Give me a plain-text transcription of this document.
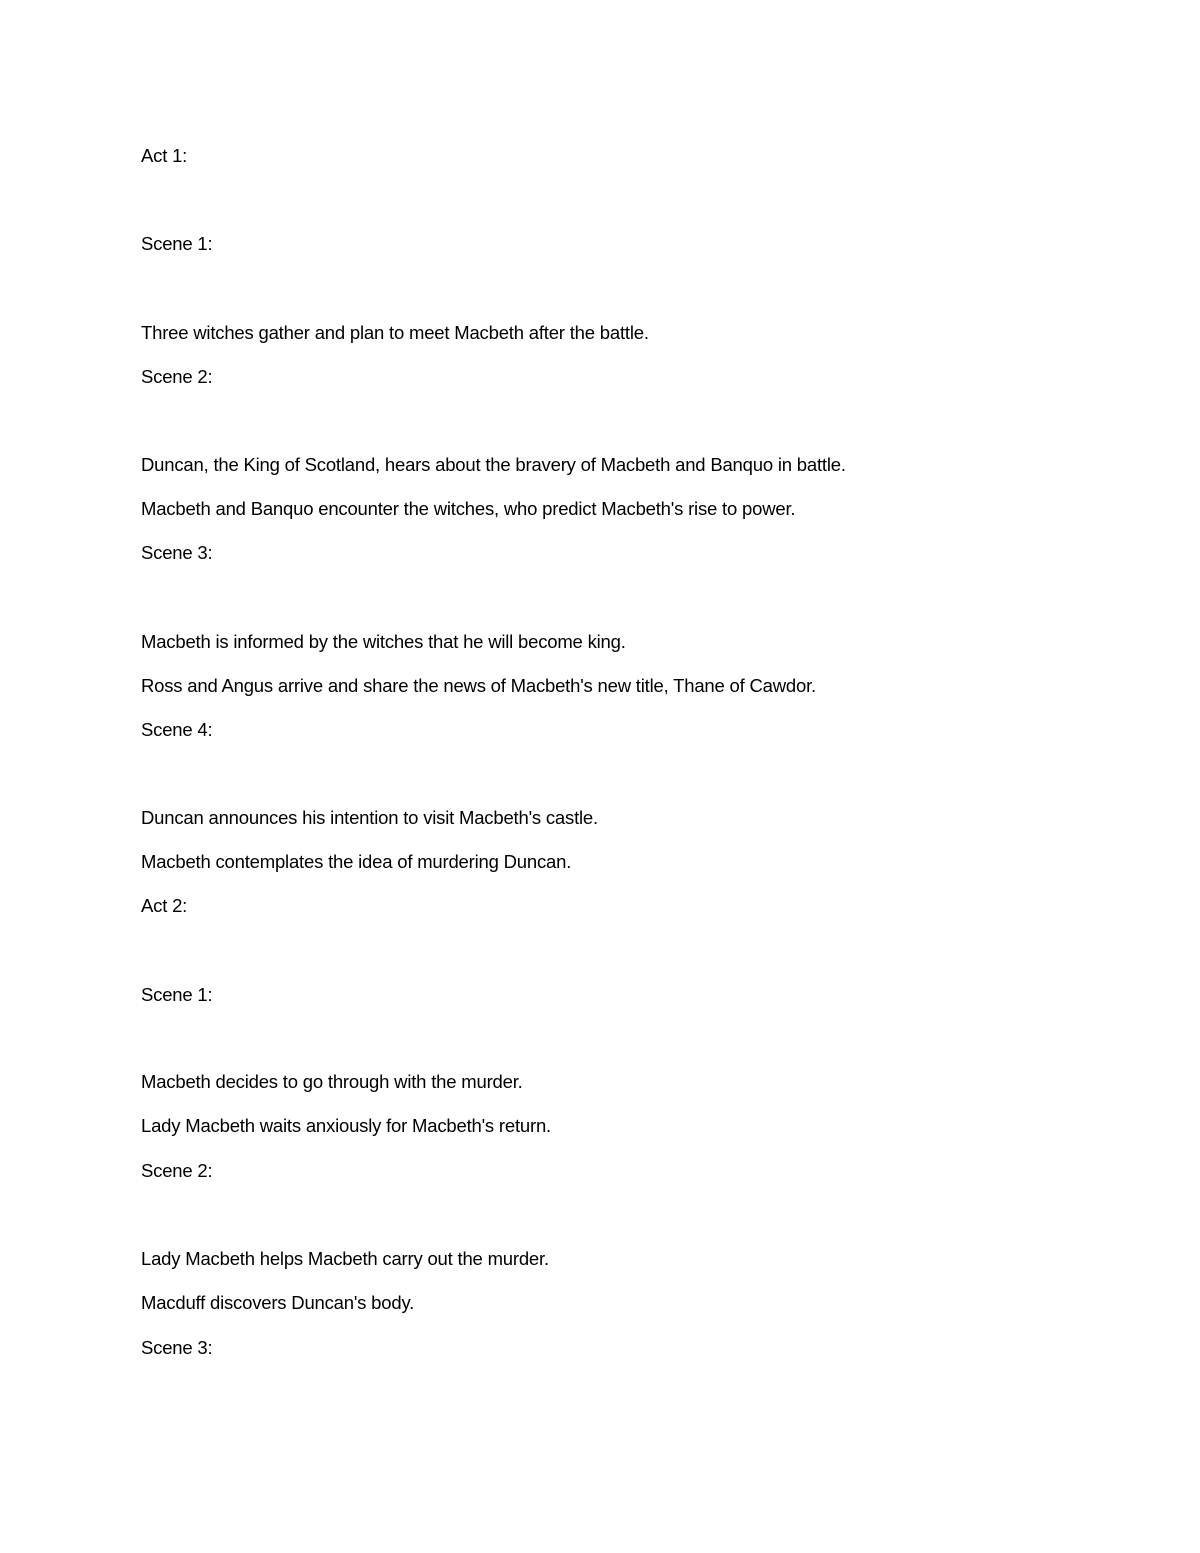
Act 1:

Scene 1:

Three witches gather and plan to meet Macbeth after the battle.

Scene 2:

Duncan, the King of Scotland, hears about the bravery of Macbeth and Banquo in battle.

Macbeth and Banquo encounter the witches, who predict Macbeth's rise to power.

Scene 3:

Macbeth is informed by the witches that he will become king.

Ross and Angus arrive and share the news of Macbeth's new title, Thane of Cawdor.

Scene 4:

Duncan announces his intention to visit Macbeth's castle.

Macbeth contemplates the idea of murdering Duncan.

Act 2:

Scene 1:

Macbeth decides to go through with the murder.

Lady Macbeth waits anxiously for Macbeth's return.

Scene 2:

Lady Macbeth helps Macbeth carry out the murder.

Macduff discovers Duncan's body.

Scene 3:
